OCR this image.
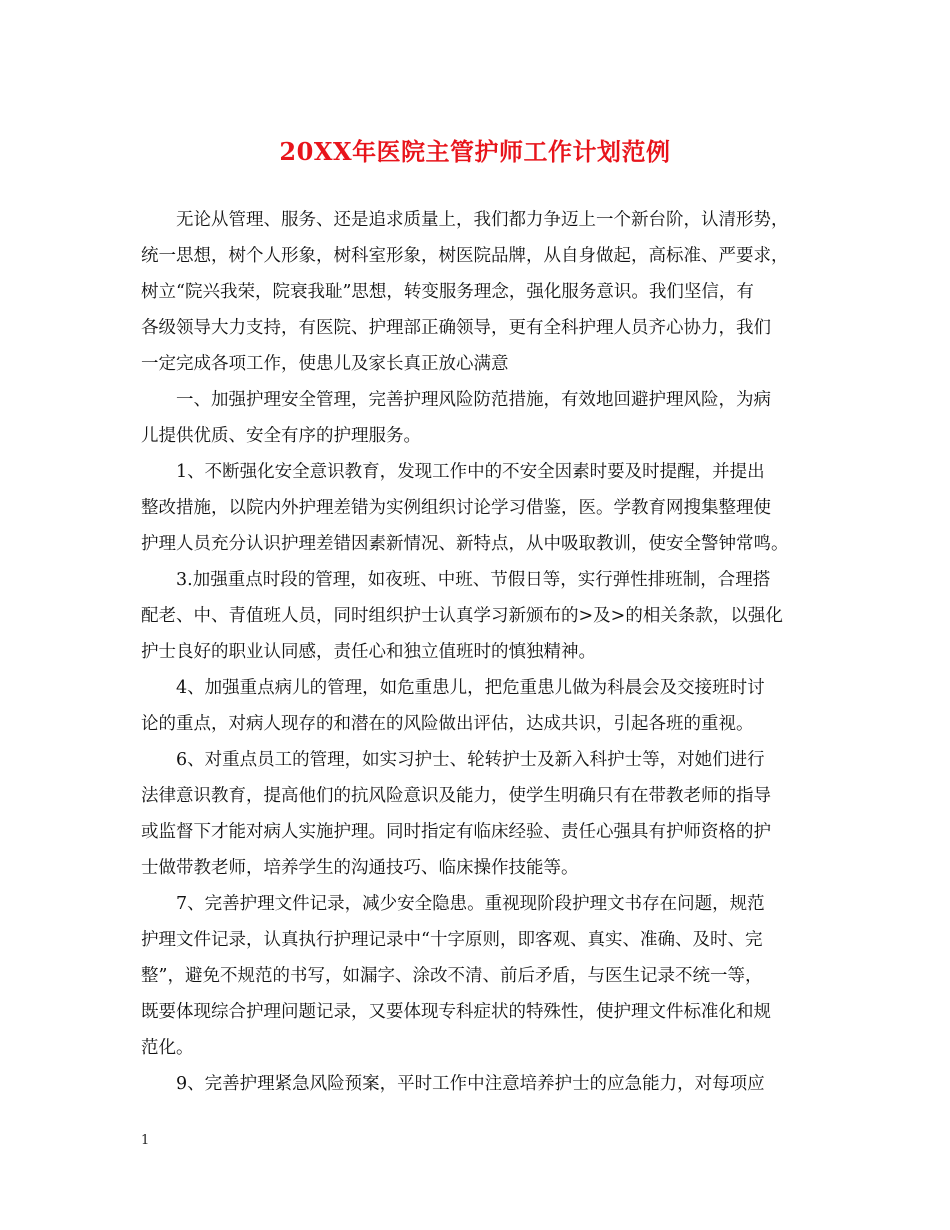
20XX年医院主管护师工作计划范例
　　无论从管理、服务、还是追求质量上，我们都力争迈上一个新台阶，认清形势，
统一思想，树个人形象，树科室形象，树医院品牌，从自身做起，高标准、严要求，
树立“院兴我荣，院衰我耻”思想，转变服务理念，强化服务意识。我们坚信，有
各级领导大力支持，有医院、护理部正确领导，更有全科护理人员齐心协力，我们
一定完成各项工作，使患儿及家长真正放心满意
　　一、加强护理安全管理，完善护理风险防范措施，有效地回避护理风险，为病
儿提供优质、安全有序的护理服务。
　　1、不断强化安全意识教育，发现工作中的不安全因素时要及时提醒，并提出
整改措施，以院内外护理差错为实例组织讨论学习借鉴，医。学教育网搜集整理使
护理人员充分认识护理差错因素新情况、新特点，从中吸取教训，使安全警钟常鸣。
　　3.加强重点时段的管理，如夜班、中班、节假日等，实行弹性排班制，合理搭
配老、中、青值班人员，同时组织护士认真学习新颁布的>及>的相关条款，以强化
护士良好的职业认同感，责任心和独立值班时的慎独精神。
　　4、加强重点病儿的管理，如危重患儿，把危重患儿做为科晨会及交接班时讨
论的重点，对病人现存的和潜在的风险做出评估，达成共识，引起各班的重视。
　　6、对重点员工的管理，如实习护士、轮转护士及新入科护士等，对她们进行
法律意识教育，提高他们的抗风险意识及能力，使学生明确只有在带教老师的指导
或监督下才能对病人实施护理。同时指定有临床经验、责任心强具有护师资格的护
士做带教老师，培养学生的沟通技巧、临床操作技能等。
　　7、完善护理文件记录，减少安全隐患。重视现阶段护理文书存在问题，规范
护理文件记录，认真执行护理记录中“十字原则，即客观、真实、准确、及时、完
整”，避免不规范的书写，如漏字、涂改不清、前后矛盾，与医生记录不统一等，
既要体现综合护理问题记录，又要体现专科症状的特殊性，使护理文件标准化和规
范化。
　　9、完善护理紧急风险预案，平时工作中注意培养护士的应急能力，对每项应
1
